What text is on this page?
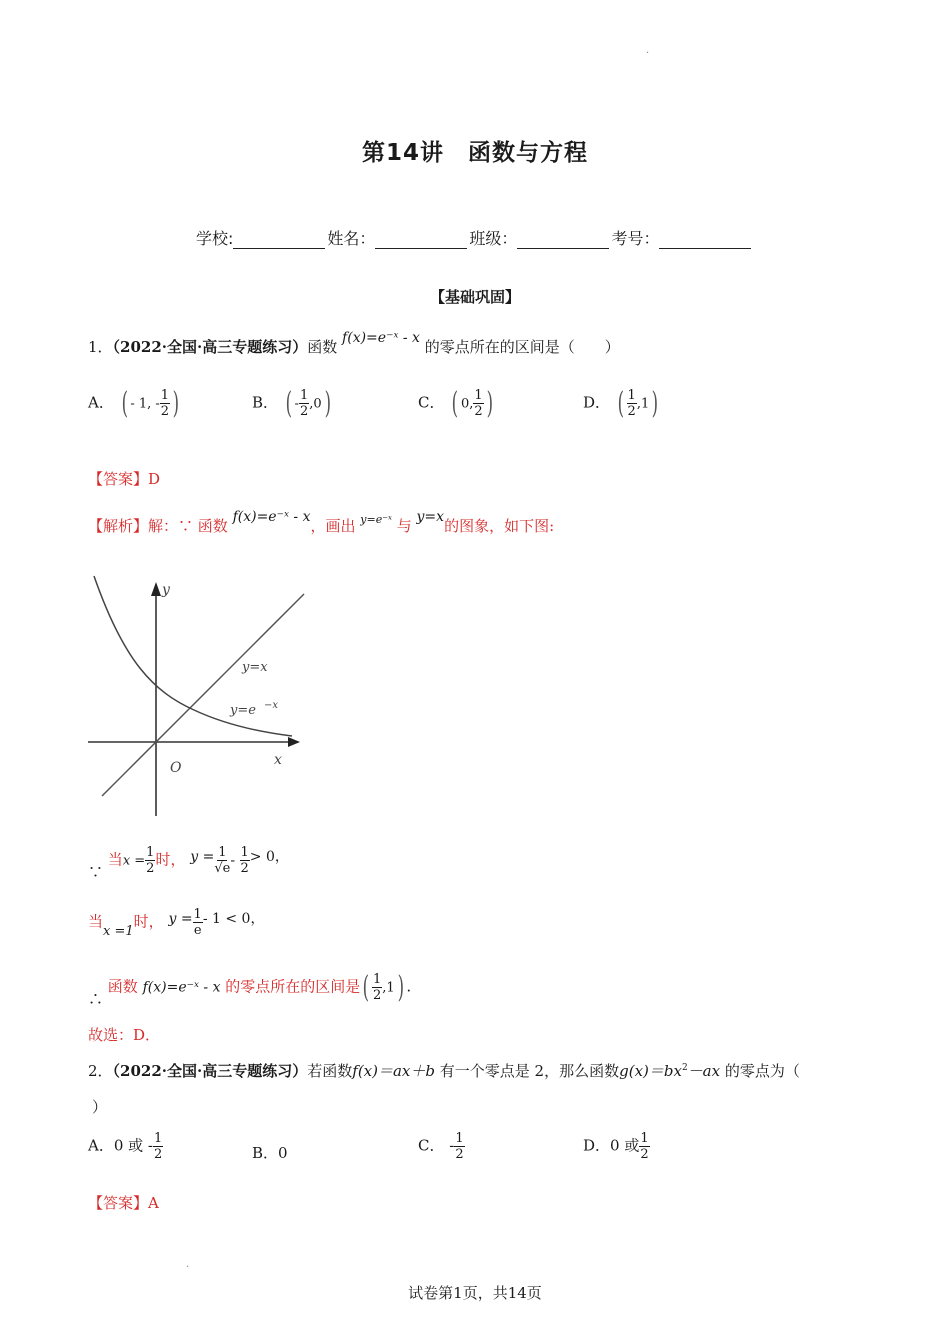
·
第14讲　函数与方程
学校:	姓名：	班级：	考号：
【基础巩固】
1．（2022·全国·高三专题练习）函数 f(x)=e⁻ˣ - x 的零点所在的区间是（　　）
A． ( - 1, - $\frac{1}{2}$ )	B． ( - $\frac{1}{2} ,0$)	C． ( 0, $\frac{1}{2}$ )	D． ( $\frac{1}{2} ,1$)
【答案】D
【解析】解：∵ 函数 f(x)=e⁻ˣ - x，画出 $^{y=e^-ˣ}$ 与 y=x的图象，如下图:
y
x
O
y=x
y=e −x
∵ 当$x = \frac{1}{2}$ 时， $y = \frac{1}{√e} - \frac{1}{2} > 0$，
当x =1时， $y = \frac{1}{e} - 1 < 0$，
∴ 函数 f(x)=e⁻ˣ - x 的零点所在的区间是( $\frac{1}{2} ,1$) .
故选：D．
2．（2022·全国·高三专题练习）若函数f(x)＝ax＋b 有一个零点是 2，那么函数$g(x)=bx^2-ax$ 的零点为（
）
A．0 或 - $\frac{1}{2}$	B．0	C． - $\frac{1}{2}$	D．0 或 $\frac{1}{2}$
【答案】A
·
试卷第1页，共14页
